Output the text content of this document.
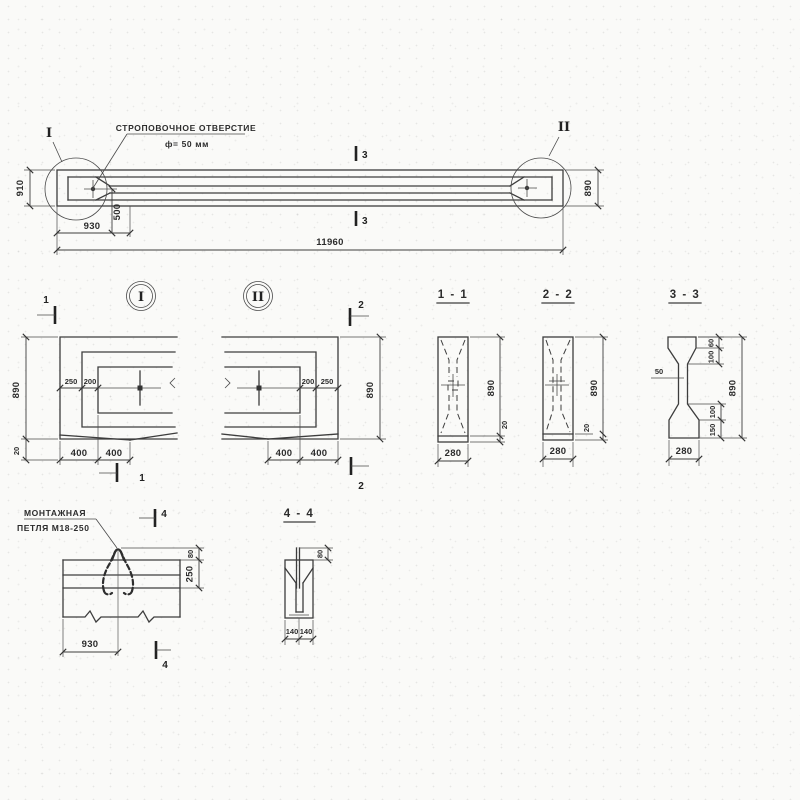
I	II
СТРОПОВОЧНОЕ ОТВЕРСТИЕ
ф= 50 мм
910	890
500
930
11960
3
3
I
250 200
400 400
890
20
1
1
II
200 250
400 400
890
2
2
1 - 1
890
20
280
2 - 2
890
20
280
3 - 3
50
60
100
100
150
890
280
МОНТАЖНАЯ
ПЕТЛЯ М18-250
80
250
930
4
4
4 - 4
80
140 140
